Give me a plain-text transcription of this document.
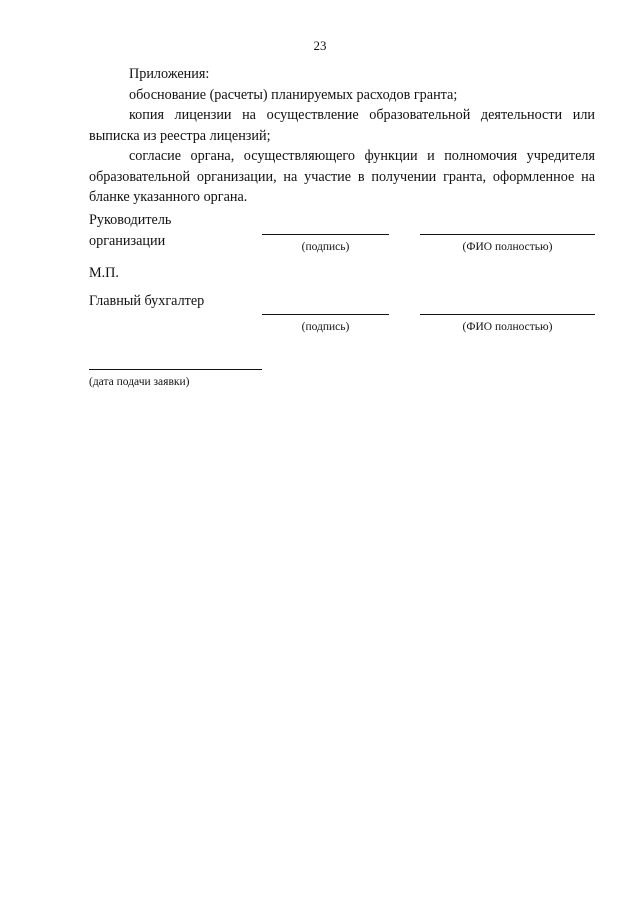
23

Приложения:

обоснование (расчеты) планируемых расходов гранта;

копия лицензии на осуществление образовательной деятельности или выписка из реестра лицензий;

согласие органа, осуществляющего функции и полномочия учредителя образовательной организации, на участие в получении гранта, оформленное на бланке указанного органа.

Руководитель
организации	(подпись)	(ФИО полностью)
М.П.
Главный бухгалтер
(подпись)	(ФИО полностью)
(дата подачи заявки)
